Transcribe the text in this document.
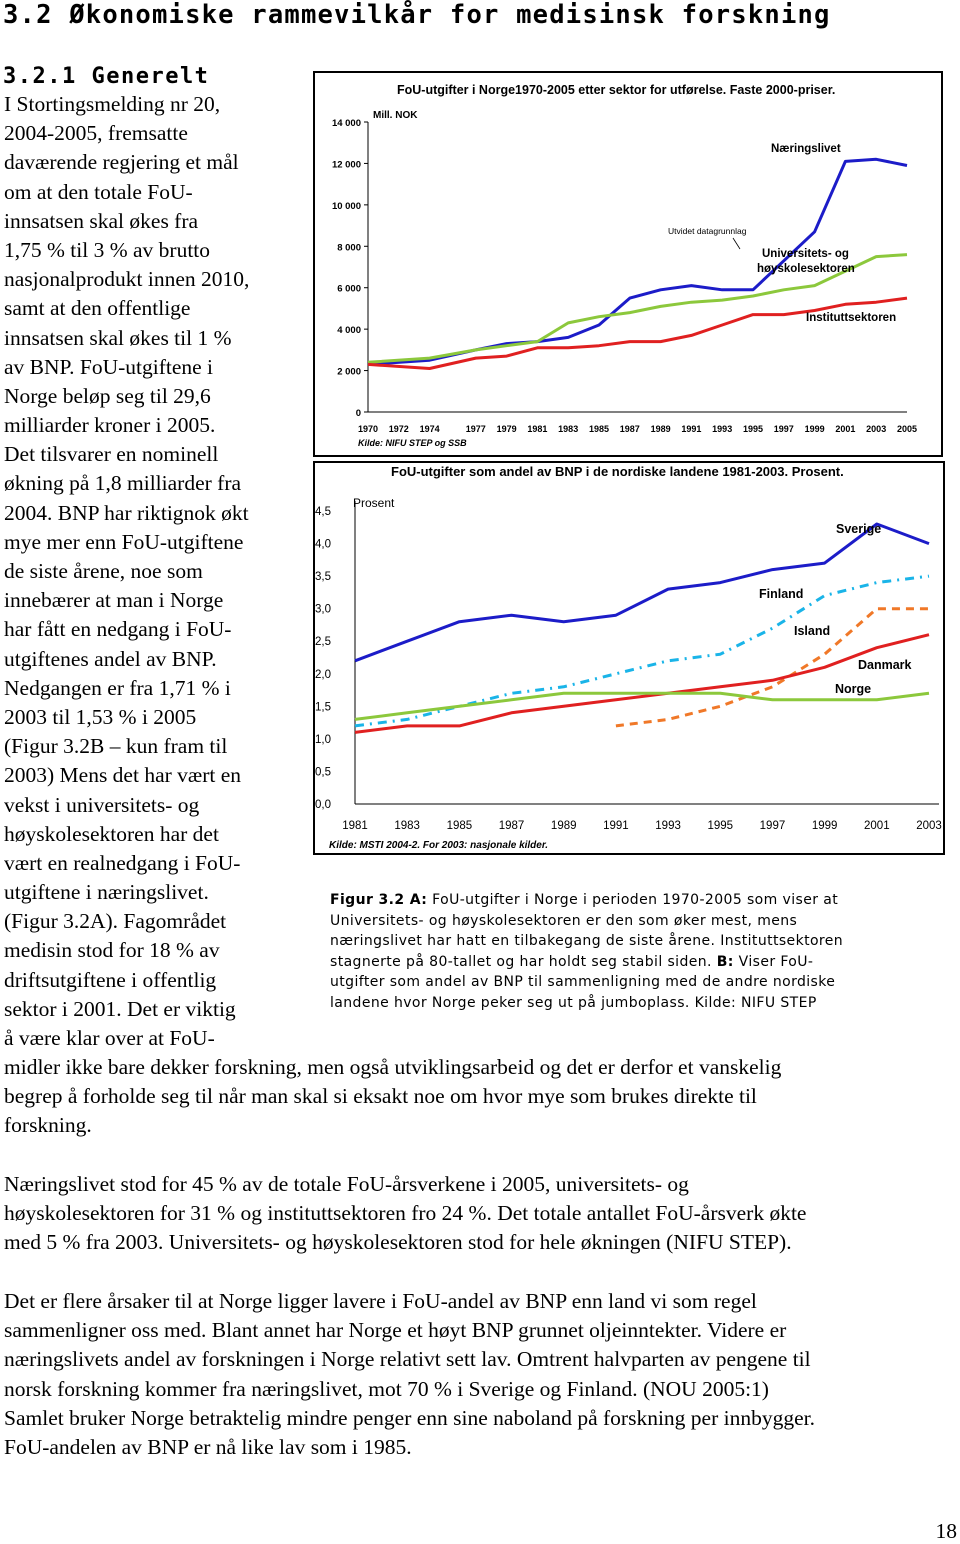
3.2 Økonomiske rammevilkår for medisinsk forskning
3.2.1 Generelt
I Stortingsmelding nr 20,
2004-2005, fremsatte
daværende regjering et mål
om at den totale FoU-
innsatsen skal økes fra
1,75 % til 3 % av brutto
nasjonalprodukt innen 2010,
samt at den offentlige
innsatsen skal økes til 1 %
av BNP. FoU-utgiftene i
Norge beløp seg til 29,6
milliarder kroner i 2005.
Det tilsvarer en nominell
økning på 1,8 milliarder fra
2004. BNP har riktignok økt
mye mer enn FoU-utgiftene
de siste årene, noe som
innebærer at man i Norge
har fått en nedgang i FoU-
utgiftenes andel av BNP.
Nedgangen er fra 1,71 % i
2003 til 1,53 % i 2005
(Figur 3.2B – kun fram til
2003) Mens det har vært en
vekst i universitets- og
høyskolesektoren har det
vært en realnedgang i FoU-
utgiftene i næringslivet.
(Figur 3.2A). Fagområdet
medisin stod for 18 % av
driftsutgiftene i offentlig
sektor i 2001. Det er viktig
å være klar over at FoU-
midler ikke bare dekker forskning, men også utviklingsarbeid og det er derfor et vanskelig
begrep å forholde seg til når man skal si eksakt noe om hvor mye som brukes direkte til
forskning.
Næringslivet stod for 45 % av de totale FoU-årsverkene i 2005, universitets- og
høyskolesektoren for 31 % og instituttsektoren fro 24 %. Det totale antallet FoU-årsverk økte
med 5 % fra 2003. Universitets- og høyskolesektoren stod for hele økningen (NIFU STEP).
Det er flere årsaker til at Norge ligger lavere i FoU-andel av BNP enn land vi som regel
sammenligner oss med. Blant annet har Norge et høyt BNP grunnet oljeinntekter. Videre er
næringslivets andel av forskningen i Norge relativt sett lav. Omtrent halvparten av pengene til
norsk forskning kommer fra næringslivet, mot 70 % i Sverige og Finland. (NOU 2005:1)
Samlet bruker Norge betraktelig mindre penger enn sine naboland på forskning per innbygger.
FoU-andelen av BNP er nå like lav som i 1985.
FoU-utgifter i Norge1970-2005 etter sektor for utførelse. Faste 2000-priser.
Mill. NOK
14 000
12 000
10 000
8 000
6 000
4 000
2 000
0
1970 1972 1974	1977 1979 1981 1983 1985 1987 1989 1991 1993 1995 1997 1999 2001 2003 2005
Kilde: NIFU STEP og SSB
Næringslivet
Universitets- og høyskolesektoren
Instituttsektoren
Utvidet datagrunnlag
FoU-utgifter som andel av BNP i de nordiske landene 1981-2003. Prosent.
Prosent
4,5
4,0
3,5
3,0
2,5
2,0
1,5
1,0
0,5
0,0
1981 1983 1985 1987 1989 1991 1993 1995 1997 1999 2001 2003
Kilde: MSTI 2004-2. For 2003: nasjonale kilder.
Sverige
Finland
Island
Danmark
Norge
Figur 3.2 A: FoU-utgifter i Norge i perioden 1970-2005 som viser at
Universitets- og høyskolesektoren er den som øker mest, mens
næringslivet har hatt en tilbakegang de siste årene. Instituttsektoren
stagnerte på 80-tallet og har holdt seg stabil siden. B: Viser FoU-
utgifter som andel av BNP til sammenligning med de andre nordiske
landene hvor Norge peker seg ut på jumboplass. Kilde: NIFU STEP
18
